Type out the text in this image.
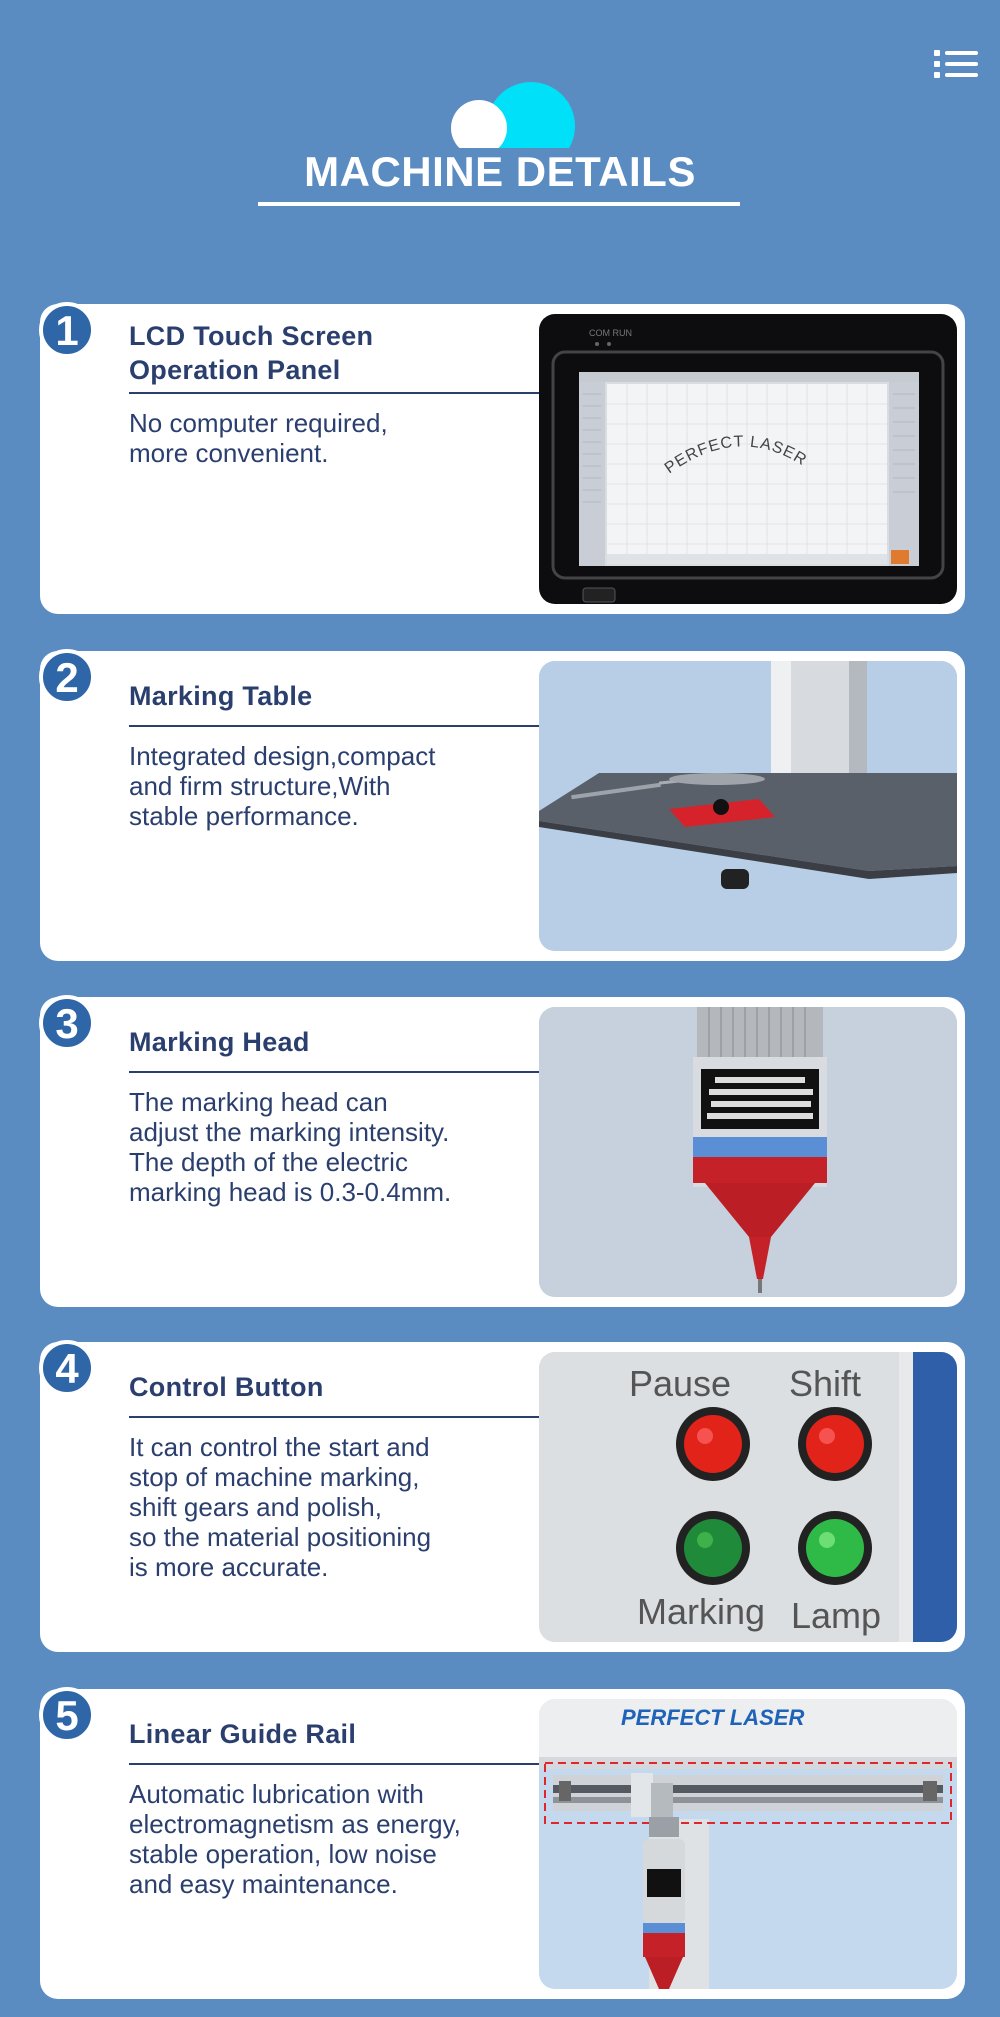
MACHINE DETAILS
1	LCD Touch Screen
Operation Panel
No computer required,
more convenient.
COM RUN
PERFECT LASER
2	Marking Table
Integrated design,compact
and firm structure,With
stable performance.
3	Marking Head
The marking head can
adjust the marking intensity.
The depth of the electric
marking head is 0.3-0.4mm.
4	Control Button
It can control the start and
stop of machine marking,
shift gears and polish,
so the material positioning
is more accurate.
Pause Shift
Marking Lamp
5	Linear Guide Rail
Automatic lubrication with
electromagnetism as energy,
stable operation, low noise
and easy maintenance.
PERFECT LASER
